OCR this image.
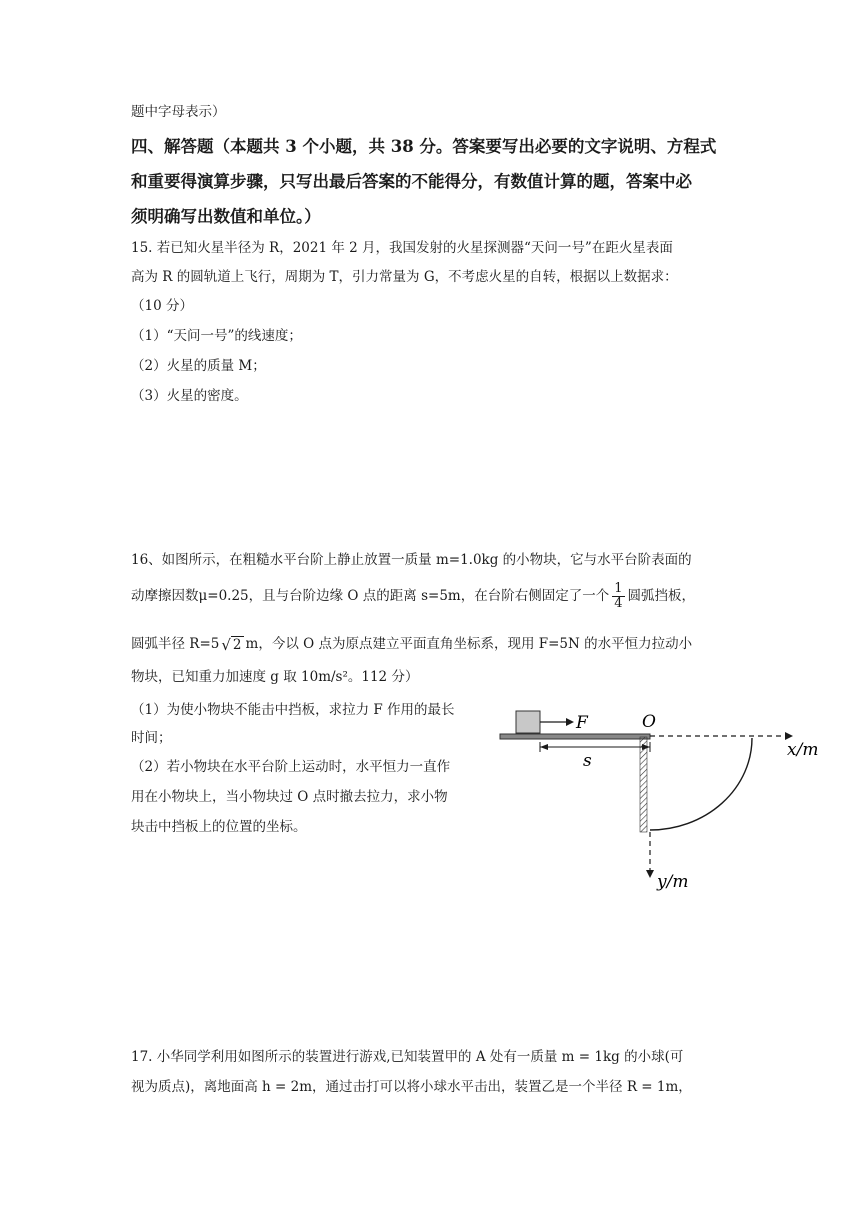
题中字母表示）
四、解答题（本题共 3 个小题，共 38 分。答案要写出必要的文字说明、方程式
和重要得演算步骤，只写出最后答案的不能得分，有数值计算的题，答案中必
须明确写出数值和单位。）
15. 若已知火星半径为 R，2021 年 2 月，我国发射的火星探测器“天问一号”在距火星表面
高为 R 的圆轨道上飞行，周期为 T，引力常量为 G，不考虑火星的自转，根据以上数据求：
（10 分）
（1）“天问一号”的线速度；
（2）火星的质量 M；
（3）火星的密度。
16、如图所示，在粗糙水平台阶上静止放置一质量 m=1.0kg 的小物块，它与水平台阶表面的
动摩擦因数μ=0.25，且与台阶边缘 O 点的距离 s=5m，在台阶右侧固定了一个 $\frac{1}{4}$ 圆弧挡板，
圆弧半径 R=5 √ 2 m，今以 O 点为原点建立平面直角坐标系，现用 F=5N 的水平恒力拉动小
物块，已知重力加速度 g 取 10m/s²。112 分）
（1）为使小物块不能击中挡板，求拉力 F 作用的最长
时间；
（2）若小物块在水平台阶上运动时，水平恒力一直作
用在小物块上，当小物块过 O 点时撤去拉力，求小物
块击中挡板上的位置的坐标。
F	O
x/m
y/m
s
17. 小华同学利用如图所示的装置进行游戏,已知装置甲的 A 处有一质量 m = 1kg 的小球(可
视为质点)，离地面高 h = 2m，通过击打可以将小球水平击出，装置乙是一个半径 R = 1m，
